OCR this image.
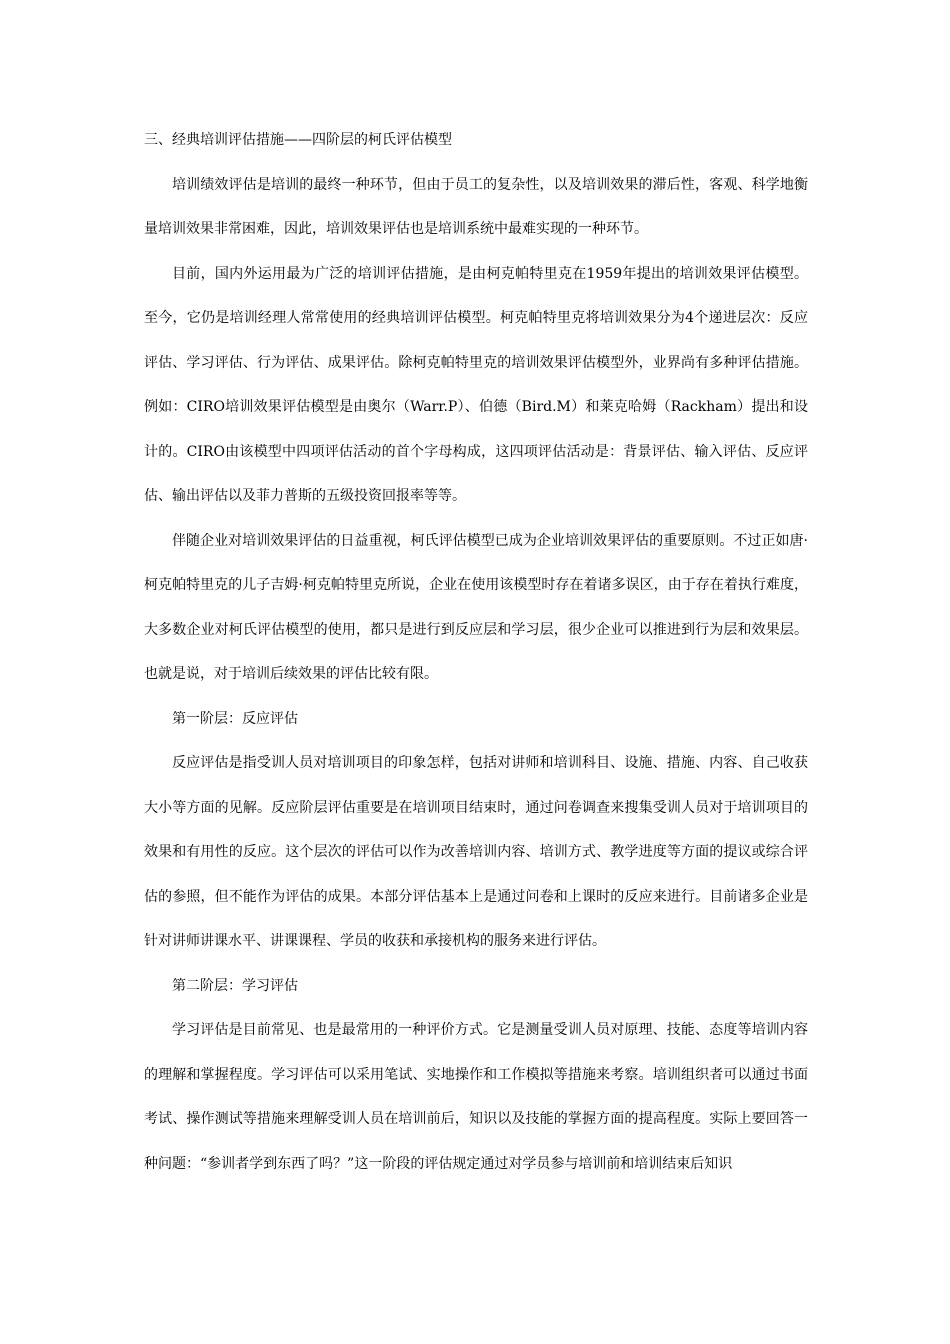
三、经典培训评估措施——四阶层的柯氏评估模型

培训绩效评估是培训的最终一种环节，但由于员工的复杂性，以及培训效果的滞后性，客观、科学地衡量培训效果非常困难，因此，培训效果评估也是培训系统中最难实现的一种环节。

目前，国内外运用最为广泛的培训评估措施，是由柯克帕特里克在1959年提出的培训效果评估模型。至今，它仍是培训经理人常常使用的经典培训评估模型。柯克帕特里克将培训效果分为4个递进层次：反应评估、学习评估、行为评估、成果评估。除柯克帕特里克的培训效果评估模型外，业界尚有多种评估措施。例如：CIRO培训效果评估模型是由奥尔（Warr.P）、伯德（Bird.M）和莱克哈姆（Rackham）提出和设计的。CIRO由该模型中四项评估活动的首个字母构成，这四项评估活动是：背景评估、输入评估、反应评估、输出评估以及菲力普斯的五级投资回报率等等。

伴随企业对培训效果评估的日益重视，柯氏评估模型已成为企业培训效果评估的重要原则。不过正如唐·柯克帕特里克的儿子吉姆·柯克帕特里克所说，企业在使用该模型时存在着诸多误区，由于存在着执行难度，大多数企业对柯氏评估模型的使用，都只是进行到反应层和学习层，很少企业可以推进到行为层和效果层。也就是说，对于培训后续效果的评估比较有限。

第一阶层：反应评估

反应评估是指受训人员对培训项目的印象怎样，包括对讲师和培训科目、设施、措施、内容、自己收获大小等方面的见解。反应阶层评估重要是在培训项目结束时，通过问卷调查来搜集受训人员对于培训项目的效果和有用性的反应。这个层次的评估可以作为改善培训内容、培训方式、教学进度等方面的提议或综合评估的参照，但不能作为评估的成果。本部分评估基本上是通过问卷和上课时的反应来进行。目前诸多企业是针对讲师讲课水平、讲课课程、学员的收获和承接机构的服务来进行评估。

第二阶层：学习评估

学习评估是目前常见、也是最常用的一种评价方式。它是测量受训人员对原理、技能、态度等培训内容的理解和掌握程度。学习评估可以采用笔试、实地操作和工作模拟等措施来考察。培训组织者可以通过书面考试、操作测试等措施来理解受训人员在培训前后，知识以及技能的掌握方面的提高程度。实际上要回答一种问题：“参训者学到东西了吗？”这一阶段的评估规定通过对学员参与培训前和培训结束后知识
